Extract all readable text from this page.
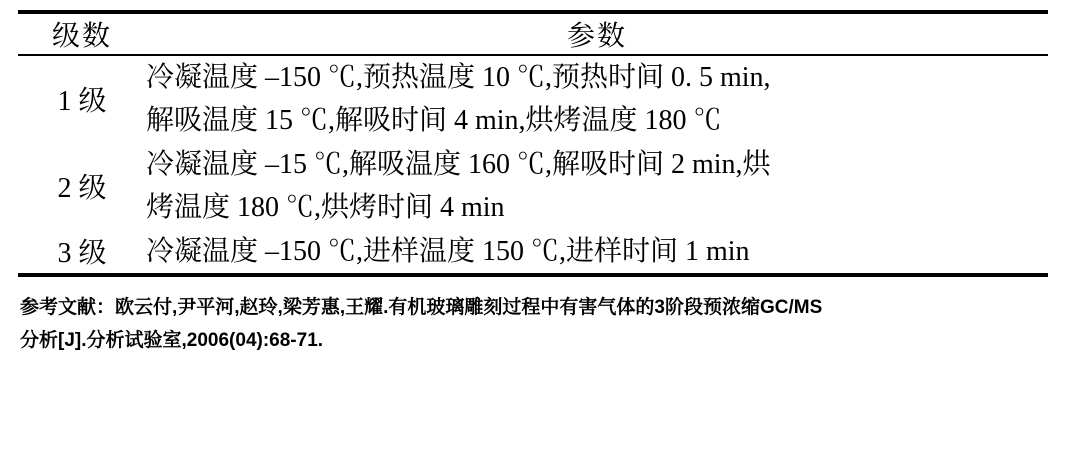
级数	参数
1 级	冷凝温度 –150 ℃,预热温度 10 ℃,预热时间 0. 5 min,
解吸温度 15 ℃,解吸时间 4 min,烘烤温度 180 ℃

2 级	冷凝温度 –15 ℃,解吸温度 160 ℃,解吸时间 2 min,烘
烤温度 180 ℃,烘烤时间 4 min

3 级	冷凝温度 –150 ℃,进样温度 150 ℃,进样时间 1 min
参考文献：欧云付,尹平河,赵玲,梁芳惠,王耀.有机玻璃雕刻过程中有害气体的3阶段预浓缩GC/MS
分析[J].分析试验室,2006(04):68-71.
